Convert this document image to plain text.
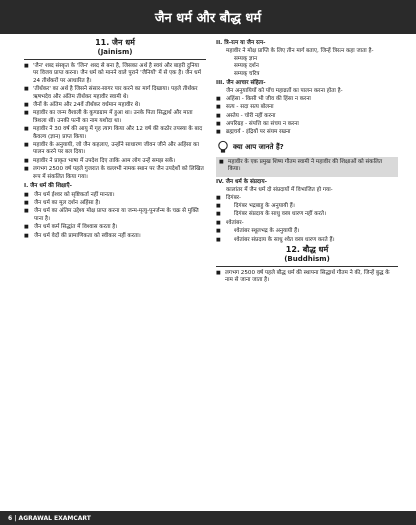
जैन धर्म और बौद्ध धर्म
11. जैन धर्म
(Jainism)
■ 'जैन' शब्द संस्कृत के 'जिन' शब्द से बना है, जिसका अर्थ है स्वयं और बाहरी दुनिया पर विजय प्राप्त करना। जैन धर्म को मानने वाले पुराने 'जैनियों' में से एक है। जैन धर्म 24 तीर्थंकरों पर आधारित है।
■ 'तीर्थंकर' का अर्थ है जिसने संसार-सागर पार करने का मार्ग दिखाया। पहले तीर्थंकर ऋषभदेव और अंतिम तीर्थंकर महावीर स्वामी थे।
■ जैनों के अंतिम और 24वें तीर्थंकर वर्धमान महावीर थे।
■ महावीर का जन्म वैशाली के कुण्डग्राम में हुआ था। उनके पिता सिद्धार्थ और माता त्रिशला थीं। उनकी पत्नी का नाम यशोदा था।
■ महावीर ने 30 वर्ष की आयु में गृह त्याग किया और 12 वर्ष की कठोर तपस्या के बाद कैवल्य (ज्ञान) प्राप्त किया।
■ महावीर के अनुयायी, जो जैन कहलाए, उन्होंने साधारण जीवन जीने और अहिंसा का पालन करने पर बल दिया।
■ महावीर ने प्राकृत भाषा में उपदेश दिए ताकि आम लोग उन्हें समझ सकें।
■ लगभग 2500 वर्ष पहले गुजरात के वल्लभी नामक स्थान पर जैन उपदेशों को लिखित रूप में संकलित किया गया।
I. जैन धर्म की शिक्षाएँ-
■ जैन धर्म ईश्वर को सृष्टिकर्ता नहीं मानता।
■ जैन धर्म का मूल दर्शन अहिंसा है।
■ जैन धर्म का अंतिम उद्देश्य मोक्ष प्राप्त करना या जन्म-मृत्यु-पुनर्जन्म के चक्र से मुक्ति पाना है।
■ जैन धर्म कर्म सिद्धांत में विश्वास करता है।
■ जैन धर्म वेदों की प्रामाणिकता को स्वीकार नहीं करता।
II. त्रि-रत्न या जैन रत्न-
महावीर ने मोक्ष प्राप्ति के लिए तीन मार्ग बताए, जिन्हें त्रिरत्न कहा जाता है-
सम्यक् ज्ञान
सम्यक् दर्शन
सम्यक् चरित्र
III. जैन आचार संहिता-
जैन अनुयायियों को पाँच महाव्रतों का पालन करना होता है-
■ अहिंसा - किसी भी जीव की हिंसा न करना
■ सत्य - सदा सत्य बोलना
■ अस्तेय - चोरी नहीं करना
■ अपरिग्रह - संपत्ति का संचय न करना
■ ब्रह्मचर्य - इंद्रियों पर संयम रखना
क्या आप जानते हैं?
■ महावीर के एक प्रमुख शिष्य गौतम स्वामी ने महावीर की शिक्षाओं को संकलित किया।
IV. जैन धर्म के संप्रदाय-
कालांतर में जैन धर्म दो संप्रदायों में विभाजित हो गया-
■ दिगंबर-
■ दिगंबर भद्रबाहु के अनुयायी हैं।
■ दिगंबर संप्रदाय के साधु वस्त्र धारण नहीं करते।
■ श्वेतांबर-
■ श्वेतांबर स्थूलभद्र के अनुयायी हैं।
■ श्वेतांबर संप्रदाय के साधु श्वेत वस्त्र धारण करते हैं।
12. बौद्ध धर्म
(Buddhism)
■ लगभग 2500 वर्ष पहले बौद्ध धर्म की स्थापना सिद्धार्थ गौतम ने की, जिन्हें बुद्ध के नाम से जाना जाता है।
6 | AGRAWAL EXAMCART
